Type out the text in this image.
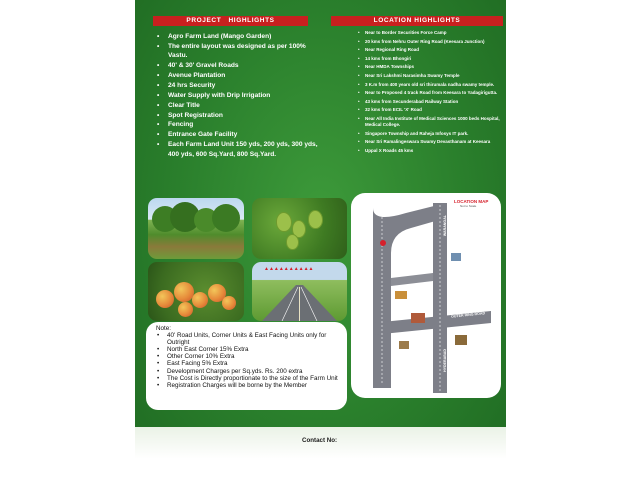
PROJECT   HIGHLIGHTS	LOCATION HIGHLIGHTS
• Agro Farm Land (Mango Garden)
• The entire layout was designed as per 100% Vastu.
• 40' & 30' Gravel Roads
• Avenue Plantation
• 24 hrs Security
• Water Supply with Drip Irrigation
• Clear Title
• Spot Registration
• Fencing
• Entrance Gate Facility
• Each Farm Land Unit 150 yds, 200 yds, 300 yds, 400 yds, 600 Sq.Yard, 800 Sq.Yard.
• Near to Border Securities Force Camp
• 20 kms from Nehru Outer Ring Road (Keesara Junction)
• Near Regional Ring Road
• 14 kms from Bhongiri
• Near HMDA Townships
• Near Sri Lakshmi Narasimha Swamy Temple
• 3 K.m from 400 years old sri thirumala nadha swamy temple.
• Near to Proposed 4 track Road from Keesara to Yadagirigutta.
• 43 kms from Secunderabad Railway Station
• 32 kms from ECIL 'X' Road
• Near All India Institute of Medical Sciences 1000 beds Hospital, Medical College.
• Singapore Township and Raheja Infosys IT park.
• Near Sri Ramalingeswara Swamy Devasthanam at Keesara
• Uppal X Roads 45 kms
▲▲▲▲▲▲▲▲▲▲
LOCATION MAP
Not to Scale
WARANGAL
OUTER RING ROAD
HYDERABAD
Note:
• 40' Road Units, Corner Units & East Facing Units only for Outright
• North East Corner 15% Extra
• Other Corner 10% Extra
• East Facing 5% Extra
• Development Charges per Sq.yds. Rs. 200 extra
• The Cost is Directly proportionate to the size of the Farm Unit
• Registration Charges will be borne by the Member
Contact No:
